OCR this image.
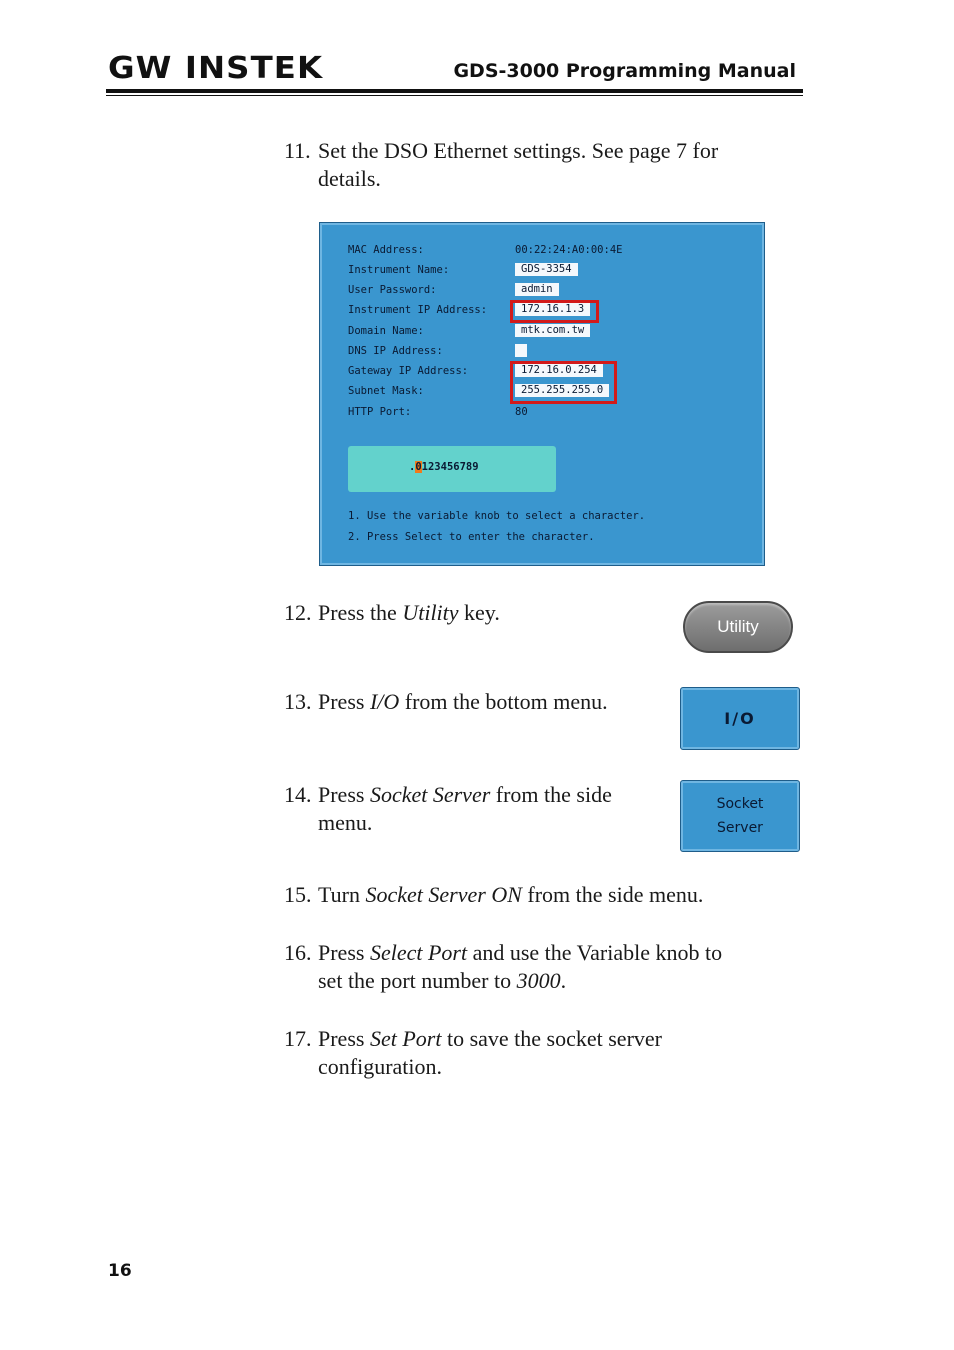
GW INSTEK	GDS-3000 Programming Manual
11. Set the DSO Ethernet settings. See page 7 for
details.
MAC Address:	00:22:24:A0:00:4E
Instrument Name:	GDS-3354
User Password:	admin
Instrument IP Address:	172.16.1.3
Domain Name:	mtk.com.tw
DNS IP Address:
Gateway IP Address:	172.16.0.254
Subnet Mask:	255.255.255.0
HTTP Port:	80
.0123456789
1. Use the variable knob to select a character.
2. Press Select to enter the character.
12. Press the Utility key.
Utility
13. Press I/O from the bottom menu.
I/O
14. Press Socket Server from the side
menu.
Socket
Server
15. Turn Socket Server ON from the side menu.
16. Press Select Port and use the Variable knob to
set the port number to 3000.
17. Press Set Port to save the socket server
configuration.
16
